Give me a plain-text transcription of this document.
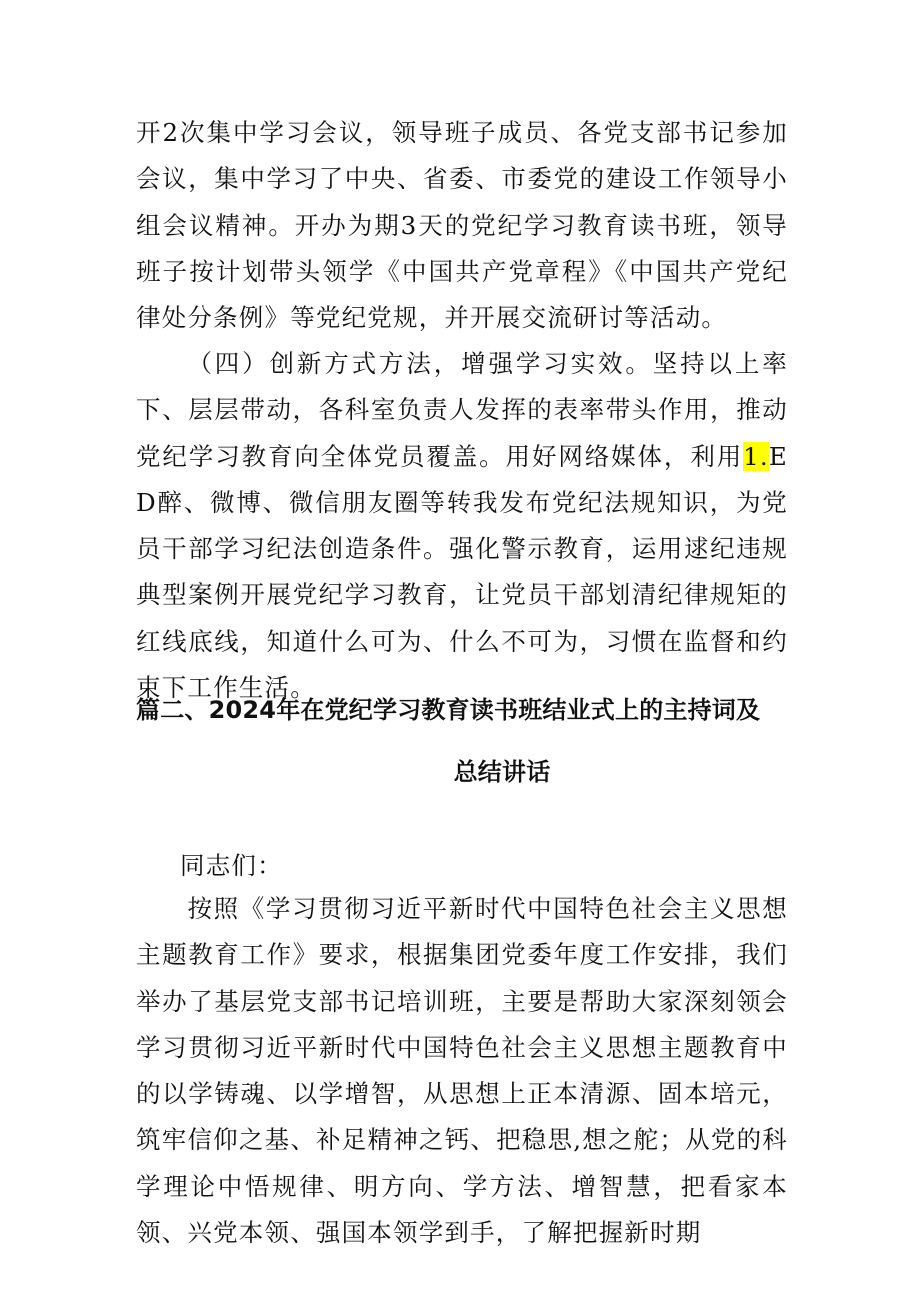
开2次集中学习会议，领导班子成员、各党支部书记参加会议，集中学习了中央、省委、市委党的建设工作领导小组会议精神。开办为期3天的党纪学习教育读书班，领导班子按计划带头领学《中国共产党章程》《中国共产党纪律处分条例》等党纪党规，并开展交流研讨等活动。

（四）创新方式方法，增强学习实效。坚持以上率下、层层带动，各科室负责人发挥的表率带头作用，推动党纪学习教育向全体党员覆盖。用好网络媒体，利用1.ED醉、微博、微信朋友圈等转我发布党纪法规知识，为党员干部学习纪法创造条件。强化警示教育，运用逑纪违规典型案例开展党纪学习教育，让党员干部划清纪律规矩的红线底线，知道什么可为、什么不可为，习惯在监督和约束下工作生活。

篇二、2024年在党纪学习教育读书班结业式上的主持词及
总结讲话

同志们：

按照《学习贯彻习近平新时代中国特色社会主义思想主题教育工作》要求，根据集团党委年度工作安排，我们举办了基层党支部书记培训班，主要是帮助大家深刻领会学习贯彻习近平新时代中国特色社会主义思想主题教育中的以学铸魂、以学增智，从思想上正本清源、固本培元，筑牢信仰之基、补足精神之钙、把稳思,想之舵；从党的科学理论中悟规律、明方向、学方法、增智慧，把看家本领、兴党本领、强国本领学到手，了解把握新时期
